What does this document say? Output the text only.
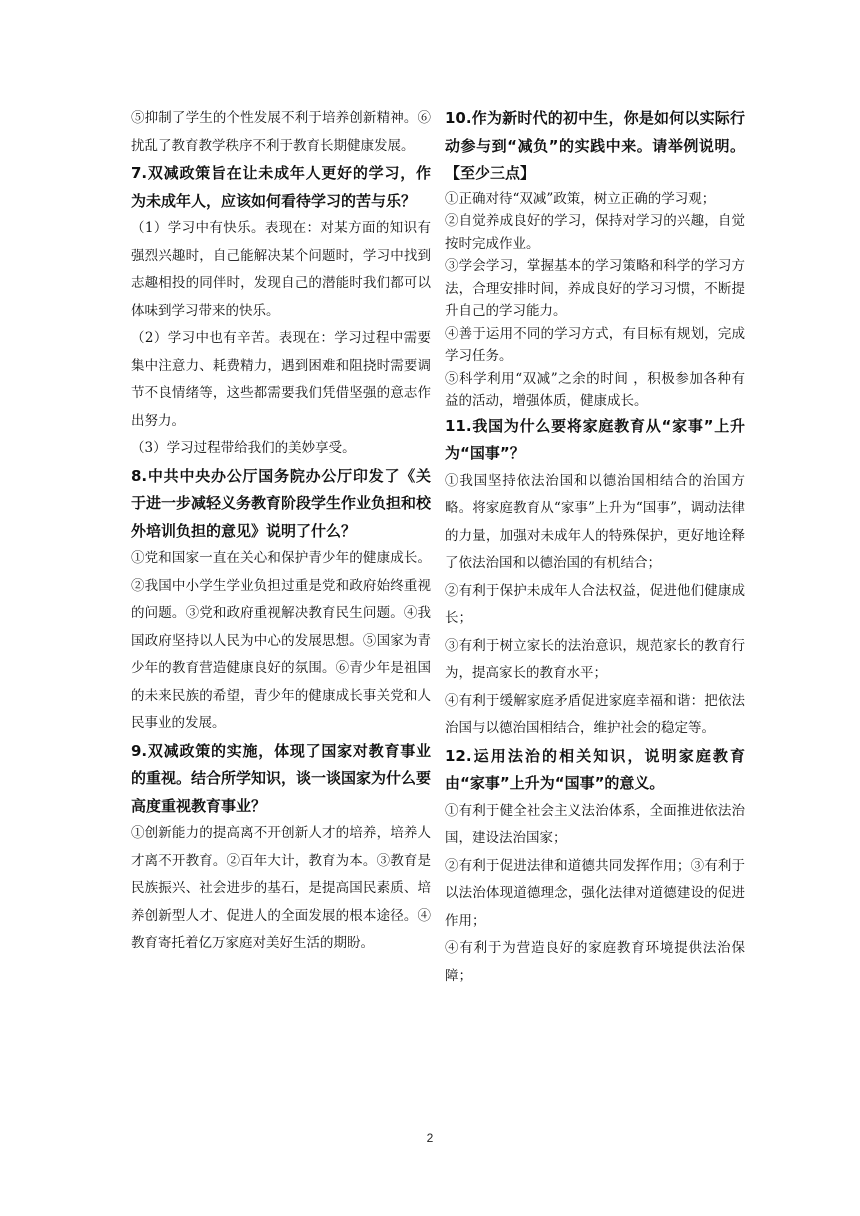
⑤抑制了学生的个性发展不利于培养创新精神。⑥扰乱了教育教学秩序不利于教育长期健康发展。

7.双减政策旨在让未成年人更好的学习，作为未成年人，应该如何看待学习的苦与乐？

（1）学习中有快乐。表现在：对某方面的知识有强烈兴趣时，自己能解决某个问题时，学习中找到志趣相投的同伴时，发现自己的潜能时我们都可以体味到学习带来的快乐。

（2）学习中也有辛苦。表现在：学习过程中需要集中注意力、耗费精力，遇到困难和阻挠时需要调节不良情绪等，这些都需要我们凭借坚强的意志作出努力。

（3）学习过程带给我们的美妙享受。

8.中共中央办公厅国务院办公厅印发了《关于进一步减轻义务教育阶段学生作业负担和校外培训负担的意见》说明了什么？

①党和国家一直在关心和保护青少年的健康成长。②我国中小学生学业负担过重是党和政府始终重视的问题。③党和政府重视解决教育民生问题。④我国政府坚持以人民为中心的发展思想。⑤国家为青少年的教育营造健康良好的氛围。⑥青少年是祖国的未来民族的希望，青少年的健康成长事关党和人民事业的发展。

9.双减政策的实施，体现了国家对教育事业的重视。结合所学知识，谈一谈国家为什么要高度重视教育事业？

①创新能力的提高离不开创新人才的培养，培养人才离不开教育。②百年大计，教育为本。③教育是民族振兴、社会进步的基石，是提高国民素质、培养创新型人才、促进人的全面发展的根本途径。④教育寄托着亿万家庭对美好生活的期盼。

10.作为新时代的初中生，你是如何以实际行动参与到“减负”的实践中来。请举例说明。【至少三点】

①正确对待“双减”政策，树立正确的学习观；

②自觉养成良好的学习，保持对学习的兴趣，自觉按时完成作业。

③学会学习，掌握基本的学习策略和科学的学习方法，合理安排时间，养成良好的学习习惯，不断提升自己的学习能力。

④善于运用不同的学习方式，有目标有规划，完成学习任务。

⑤科学利用“双减”之余的时间 ，积极参加各种有益的活动，增强体质，健康成长。

11.我国为什么要将家庭教育从“家事”上升为“国事”？

①我国坚持依法治国和以德治国相结合的治国方略。将家庭教育从“家事”上升为“国事”，调动法律的力量，加强对未成年人的特殊保护，更好地诠释了依法治国和以德治国的有机结合；

②有利于保护未成年人合法权益，促进他们健康成长；

③有利于树立家长的法治意识，规范家长的教育行为，提高家长的教育水平；

④有利于缓解家庭矛盾促进家庭幸福和谐：把依法治国与以德治国相结合，维护社会的稳定等。

12.运用法治的相关知识，说明家庭教育由“家事”上升为“国事”的意义。

①有利于健全社会主义法治体系，全面推进依法治国，建设法治国家；

②有利于促进法律和道德共同发挥作用；③有利于以法治体现道德理念，强化法律对道德建设的促进作用；

④有利于为营造良好的家庭教育环境提供法治保障；

2
